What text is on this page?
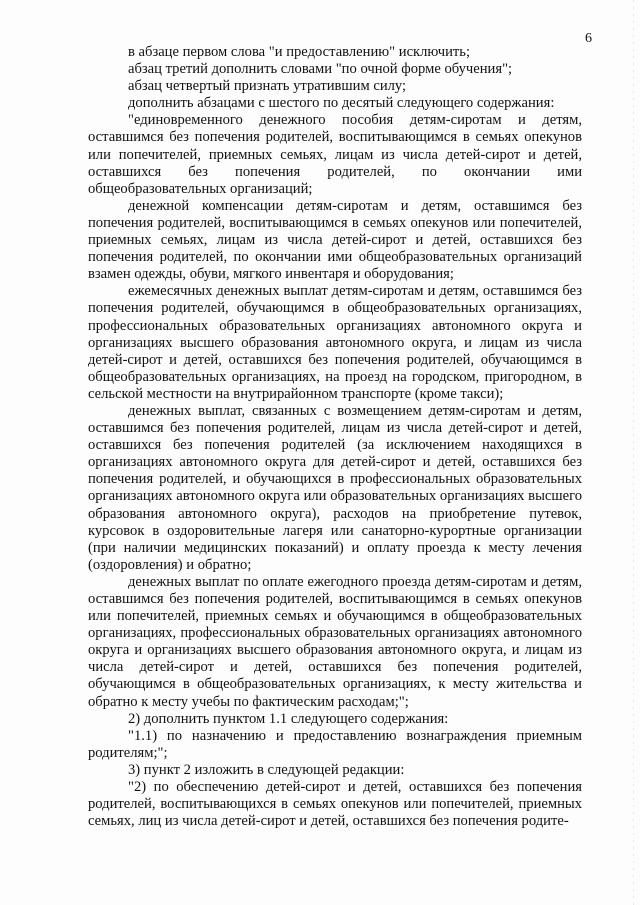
6

в абзаце первом слова "и предоставлению" исключить;

абзац третий дополнить словами "по очной форме обучения";

абзац четвертый признать утратившим силу;

дополнить абзацами с шестого по десятый следующего содержания:

"единовременного денежного пособия детям-сиротам и детям, оставшимся без попечения родителей, воспитывающимся в семьях опекунов или попечителей, приемных семьях, лицам из числа детей-сирот и детей, оставшихся без попечения родителей, по окончании ими общеобразовательных организаций;

денежной компенсации детям-сиротам и детям, оставшимся без попечения родителей, воспитывающимся в семьях опекунов или попечителей, приемных семьях, лицам из числа детей-сирот и детей, оставшихся без попечения родителей, по окончании ими общеобразовательных организаций взамен одежды, обуви, мягкого инвентаря и оборудования;

ежемесячных денежных выплат детям-сиротам и детям, оставшимся без попечения родителей, обучающимся в общеобразовательных организациях, профессиональных образовательных организациях автономного округа и организациях высшего образования автономного округа, и лицам из числа детей-сирот и детей, оставшихся без попечения родителей, обучающимся в общеобразовательных организациях, на проезд на городском, пригородном, в сельской местности на внутрирайонном транспорте (кроме такси);

денежных выплат, связанных с возмещением детям-сиротам и детям, оставшимся без попечения родителей, лицам из числа детей-сирот и детей, оставшихся без попечения родителей (за исключением находящихся в организациях автономного округа для детей-сирот и детей, оставшихся без попечения родителей, и обучающихся в профессиональных образовательных организациях автономного округа или образовательных организациях высшего образования автономного округа), расходов на приобретение путевок, курсовок в оздоровительные лагеря или санаторно-курортные организации (при наличии медицинских показаний) и оплату проезда к месту лечения (оздоровления) и обратно;

денежных выплат по оплате ежегодного проезда детям-сиротам и детям, оставшимся без попечения родителей, воспитывающимся в семьях опекунов или попечителей, приемных семьях и обучающимся в общеобразовательных организациях, профессиональных образовательных организациях автономного округа и организациях высшего образования автономного округа, и лицам из числа детей-сирот и детей, оставшихся без попечения родителей, обучающимся в общеобразовательных организациях, к месту жительства и обратно к месту учебы по фактическим расходам;";

2) дополнить пунктом 1.1 следующего содержания:

"1.1) по назначению и предоставлению вознаграждения приемным родителям;";

3) пункт 2 изложить в следующей редакции:

"2) по обеспечению детей-сирот и детей, оставшихся без попечения родителей, воспитывающихся в семьях опекунов или попечителей, приемных семьях, лиц из числа детей-сирот и детей, оставшихся без попечения родите-
